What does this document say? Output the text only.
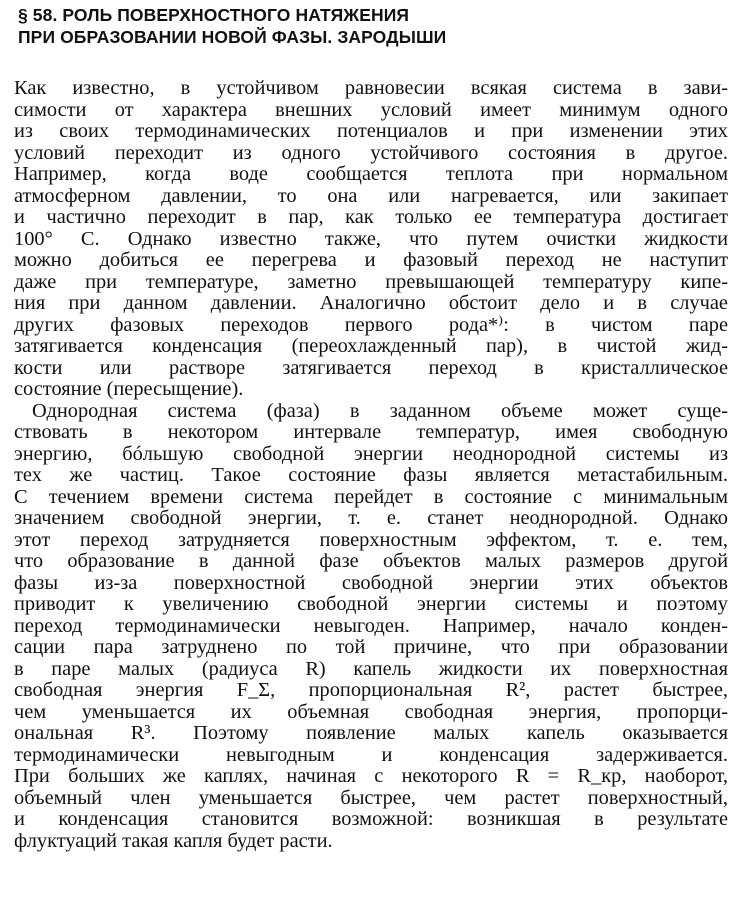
§ 58. РОЛЬ ПОВЕРХНОСТНОГО НАТЯЖЕНИЯ
ПРИ ОБРАЗОВАНИИ НОВОЙ ФАЗЫ. ЗАРОДЫШИ

Как известно, в устойчивом равновесии всякая система в зави-
симости от характера внешних условий имеет минимум одного
из своих термодинамических потенциалов и при изменении этих
условий переходит из одного устойчивого состояния в другое.
Например, когда воде сообщается теплота при нормальном
атмосферном давлении, то она или нагревается, или закипает
и частично переходит в пар, как только ее температура достигает
100° С. Однако известно также, что путем очистки жидкости
можно добиться ее перегрева и фазовый переход не наступит
даже при температуре, заметно превышающей температуру кипе-
ния при данном давлении. Аналогично обстоит дело и в случае
других фазовых переходов первого рода*⁾: в чистом паре
затягивается конденсация (переохлажденный пар), в чистой жид-
кости или растворе затягивается переход в кристаллическое
состояние (пересыщение).

Однородная система (фаза) в заданном объеме может суще-
ствовать в некотором интервале температур, имея свободную
энергию, бóльшую свободной энергии неоднородной системы из
тех же частиц. Такое состояние фазы является метастабильным.
С течением времени система перейдет в состояние с минимальным
значением свободной энергии, т. е. станет неоднородной. Однако
этот переход затрудняется поверхностным эффектом, т. е. тем,
что образование в данной фазе объектов малых размеров другой
фазы из-за поверхностной свободной энергии этих объектов
приводит к увеличению свободной энергии системы и поэтому
переход термодинамически невыгоден. Например, начало конден-
сации пара затруднено по той причине, что при образовании
в паре малых (радиуса R) капель жидкости их поверхностная
свободная энергия F_Σ, пропорциональная R², растет быстрее,
чем уменьшается их объемная свободная энергия, пропорци-
ональная R³. Поэтому появление малых капель оказывается
термодинамически невыгодным и конденсация задерживается.
При больших же каплях, начиная с некоторого R = R_кр, наоборот,
объемный член уменьшается быстрее, чем растет поверхностный,
и конденсация становится возможной: возникшая в результате
флуктуаций такая капля будет расти.
